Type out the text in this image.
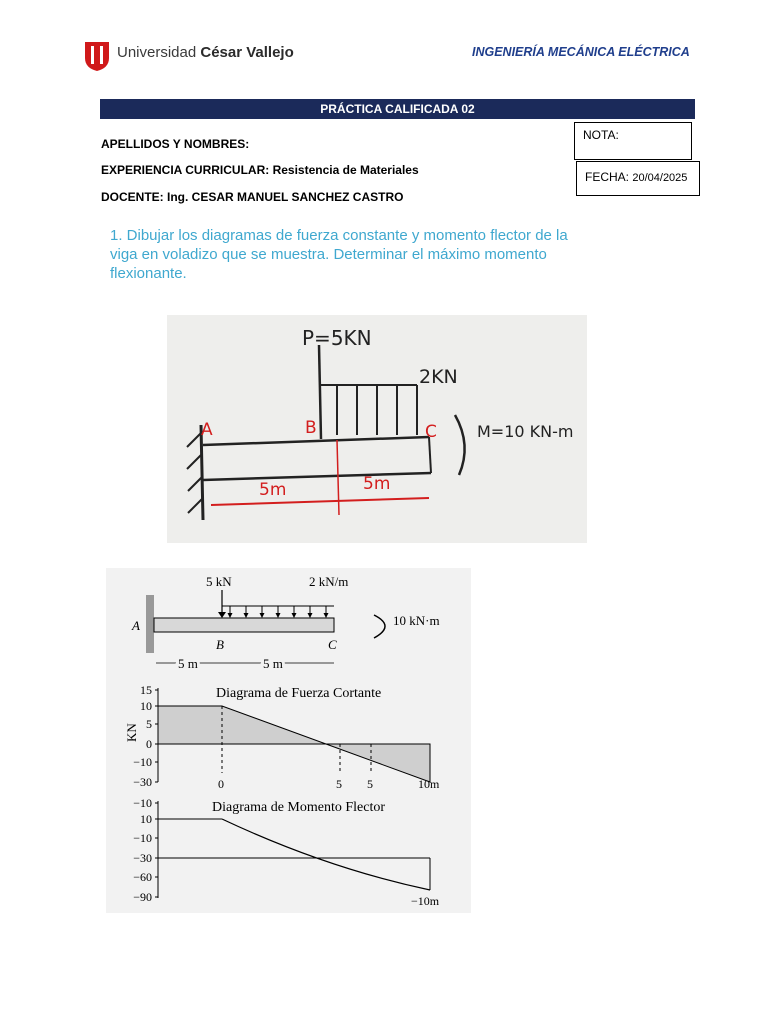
Universidad César Vallejo	INGENIERÍA MECÁNICA ELÉCTRICA
PRÁCTICA CALIFICADA 02
APELLIDOS Y NOMBRES:
EXPERIENCIA CURRICULAR: Resistencia de Materiales
DOCENTE: Ing. CESAR MANUEL SANCHEZ CASTRO
NOTA:
FECHA: 20/04/2025
1. Dibujar los diagramas de fuerza constante y momento flector de la
viga en voladizo que se muestra. Determinar el máximo momento
flexionante.
P=5KN
2KN
M=10 KN-m
A	B	C
5m	5m
5 kN	2 kN/m
10 kN·m
A
B	C
5 m	5 m
15
10
5
0
−10
−30
Diagrama de Fuerza Cortante
KN
0	5 5	10m
−10
10
−10
−30
−60
−90
Diagrama de Momento Flector
−10m
